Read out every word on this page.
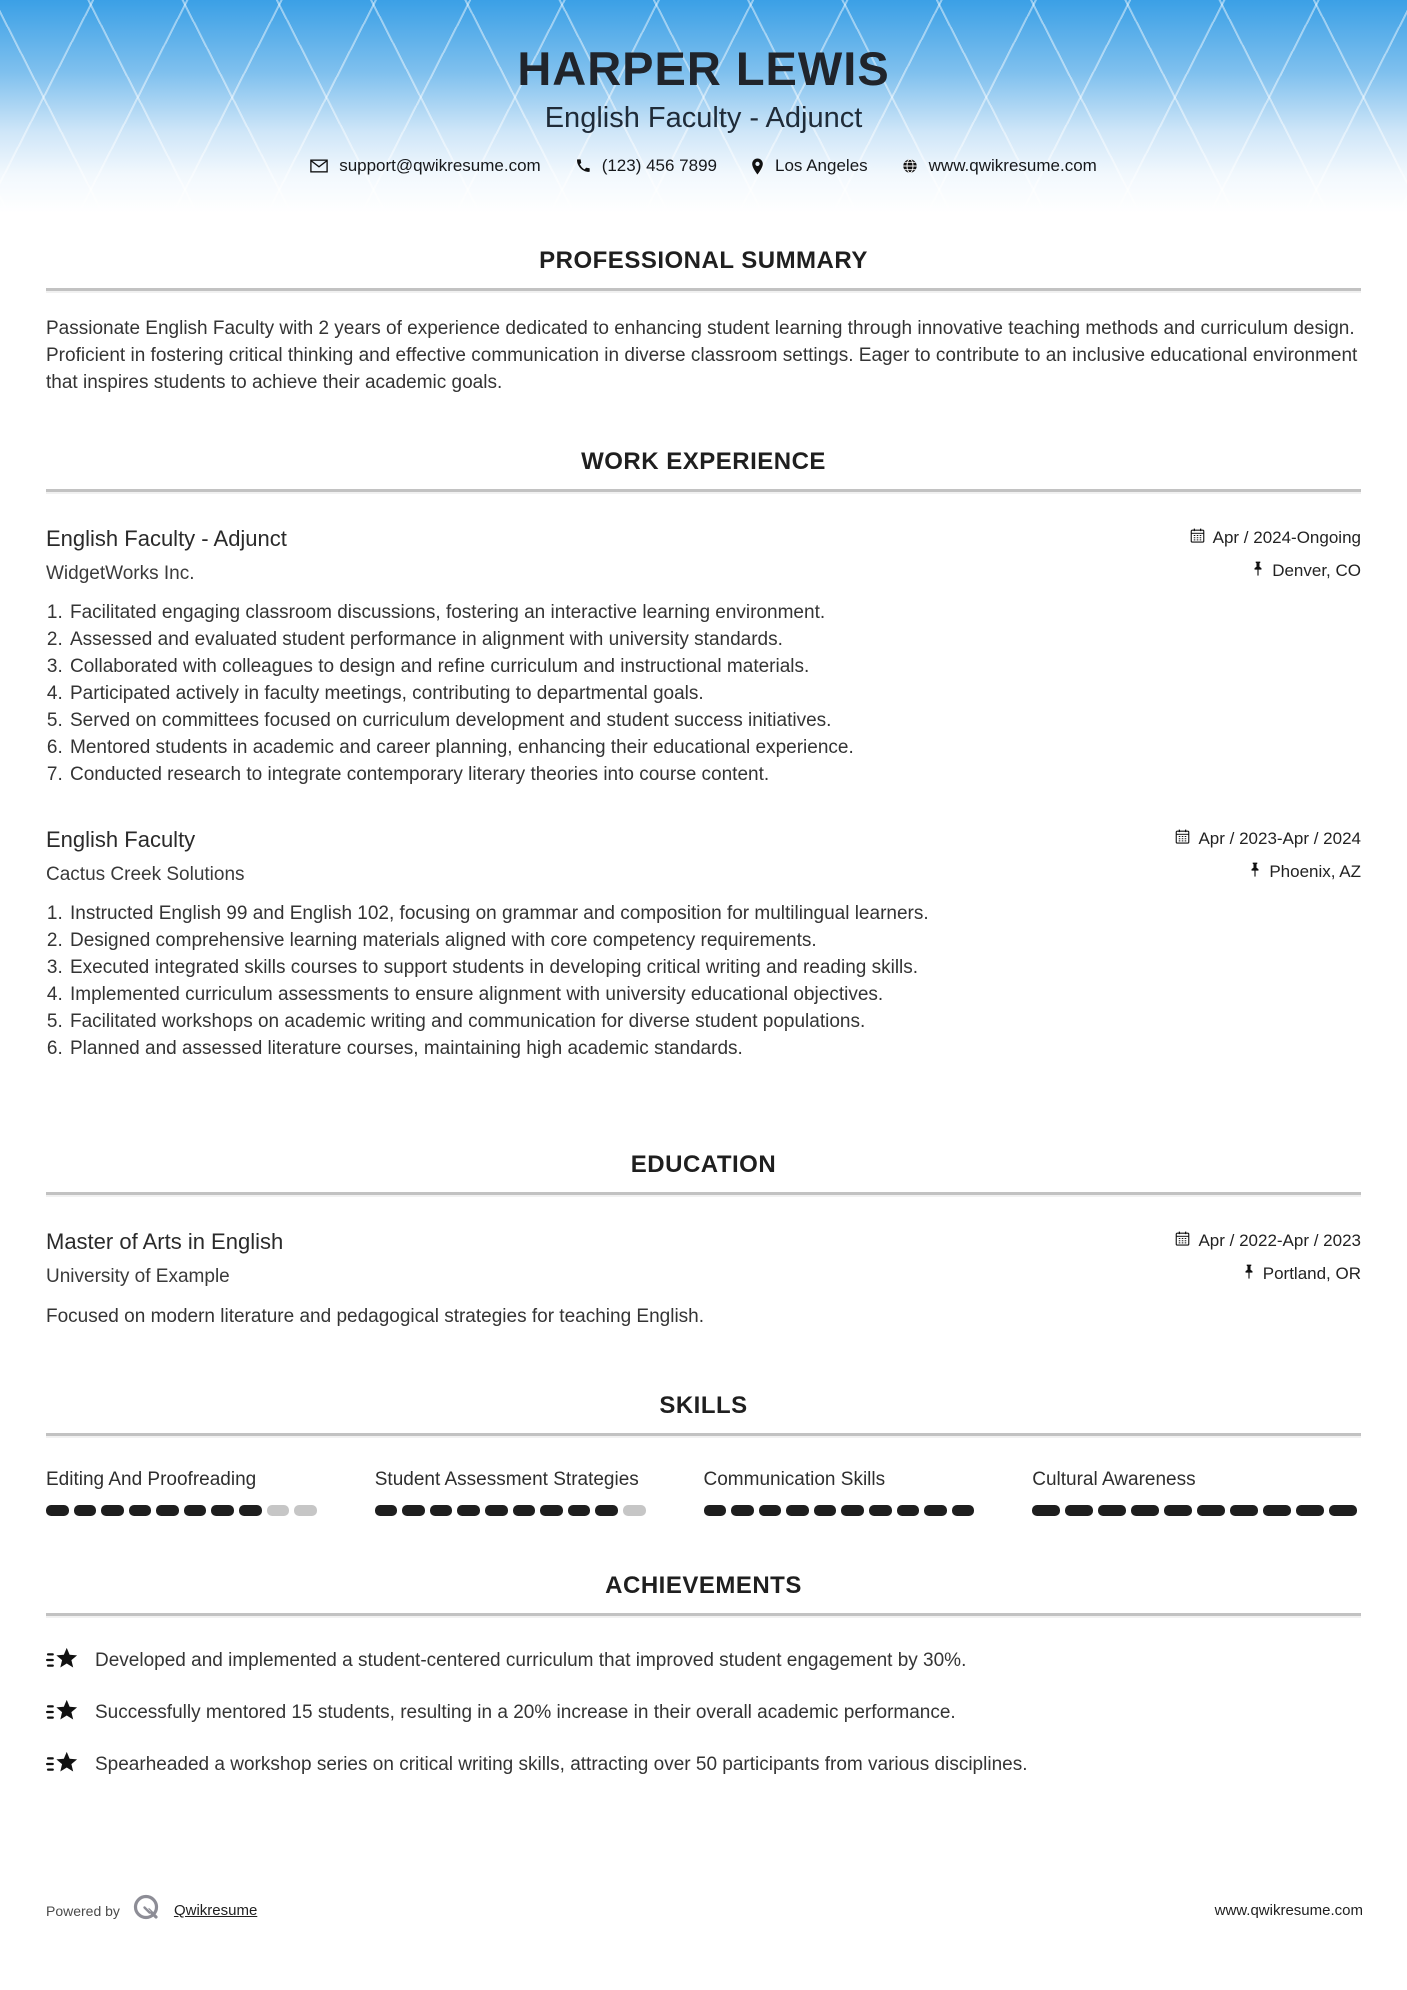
HARPER LEWIS
English Faculty - Adjunct
support@qwikresume.com	(123) 456 7899	Los Angeles	www.qwikresume.com
PROFESSIONAL SUMMARY

Passionate English Faculty with 2 years of experience dedicated to enhancing student learning through innovative teaching methods and curriculum design. Proficient in fostering critical thinking and effective communication in diverse classroom settings. Eager to contribute to an inclusive educational environment that inspires students to achieve their academic goals.

WORK EXPERIENCE
English Faculty - Adjunct
WidgetWorks Inc.
Apr / 2024-Ongoing
Denver, CO
1. Facilitated engaging classroom discussions, fostering an interactive learning environment.
2. Assessed and evaluated student performance in alignment with university standards.
3. Collaborated with colleagues to design and refine curriculum and instructional materials.
4. Participated actively in faculty meetings, contributing to departmental goals.
5. Served on committees focused on curriculum development and student success initiatives.
6. Mentored students in academic and career planning, enhancing their educational experience.
7. Conducted research to integrate contemporary literary theories into course content.
English Faculty
Cactus Creek Solutions
Apr / 2023-Apr / 2024
Phoenix, AZ
1. Instructed English 99 and English 102, focusing on grammar and composition for multilingual learners.
2. Designed comprehensive learning materials aligned with core competency requirements.
3. Executed integrated skills courses to support students in developing critical writing and reading skills.
4. Implemented curriculum assessments to ensure alignment with university educational objectives.
5. Facilitated workshops on academic writing and communication for diverse student populations.
6. Planned and assessed literature courses, maintaining high academic standards.
EDUCATION
Master of Arts in English
University of Example
Apr / 2022-Apr / 2023
Portland, OR
Focused on modern literature and pedagogical strategies for teaching English.
SKILLS
Editing And Proofreading	Student Assessment Strategies	Communication Skills	Cultural Awareness
ACHIEVEMENTS
Developed and implemented a student-centered curriculum that improved student engagement by 30%.
Successfully mentored 15 students, resulting in a 20% increase in their overall academic performance.
Spearheaded a workshop series on critical writing skills, attracting over 50 participants from various disciplines.
Powered by	Qwikresume	www.qwikresume.com
